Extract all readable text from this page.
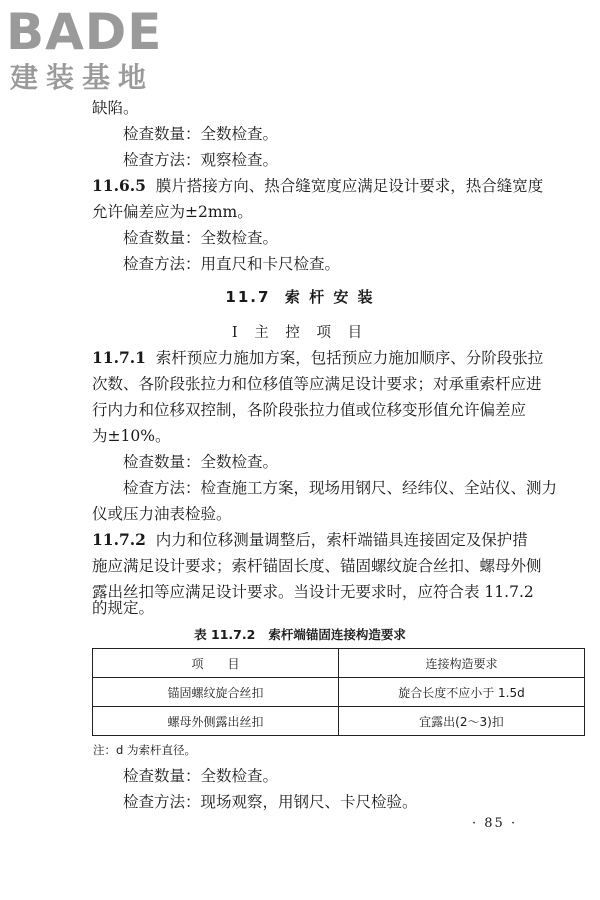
BADE
建装基地
缺陷。
检查数量：全数检查。
检查方法：观察检查。
11.6.5 膜片搭接方向、热合缝宽度应满足设计要求，热合缝宽度
允许偏差应为±2mm。
检查数量：全数检查。
检查方法：用直尺和卡尺检查。
11.7 索 杆 安 装
Ⅰ 主 控 项 目
11.7.1 索杆预应力施加方案，包括预应力施加顺序、分阶段张拉
次数、各阶段张拉力和位移值等应满足设计要求；对承重索杆应进
行内力和位移双控制，各阶段张拉力值或位移变形值允许偏差应
为±10%。
检查数量：全数检查。
检查方法：检查施工方案，现场用钢尺、经纬仪、全站仪、测力
仪或压力油表检验。
11.7.2 内力和位移测量调整后，索杆端锚具连接固定及保护措
施应满足设计要求；索杆锚固长度、锚固螺纹旋合丝扣、螺母外侧
露出丝扣等应满足设计要求。当设计无要求时，应符合表 11.7.2
的规定。
表 11.7.2 索杆端锚固连接构造要求
项　　目	连接构造要求
锚固螺纹旋合丝扣	旋合长度不应小于 1.5d
螺母外侧露出丝扣	宜露出(2～3)扣
注：d 为索杆直径。
检查数量：全数检查。
检查方法：现场观察，用钢尺、卡尺检验。
· 85 ·
